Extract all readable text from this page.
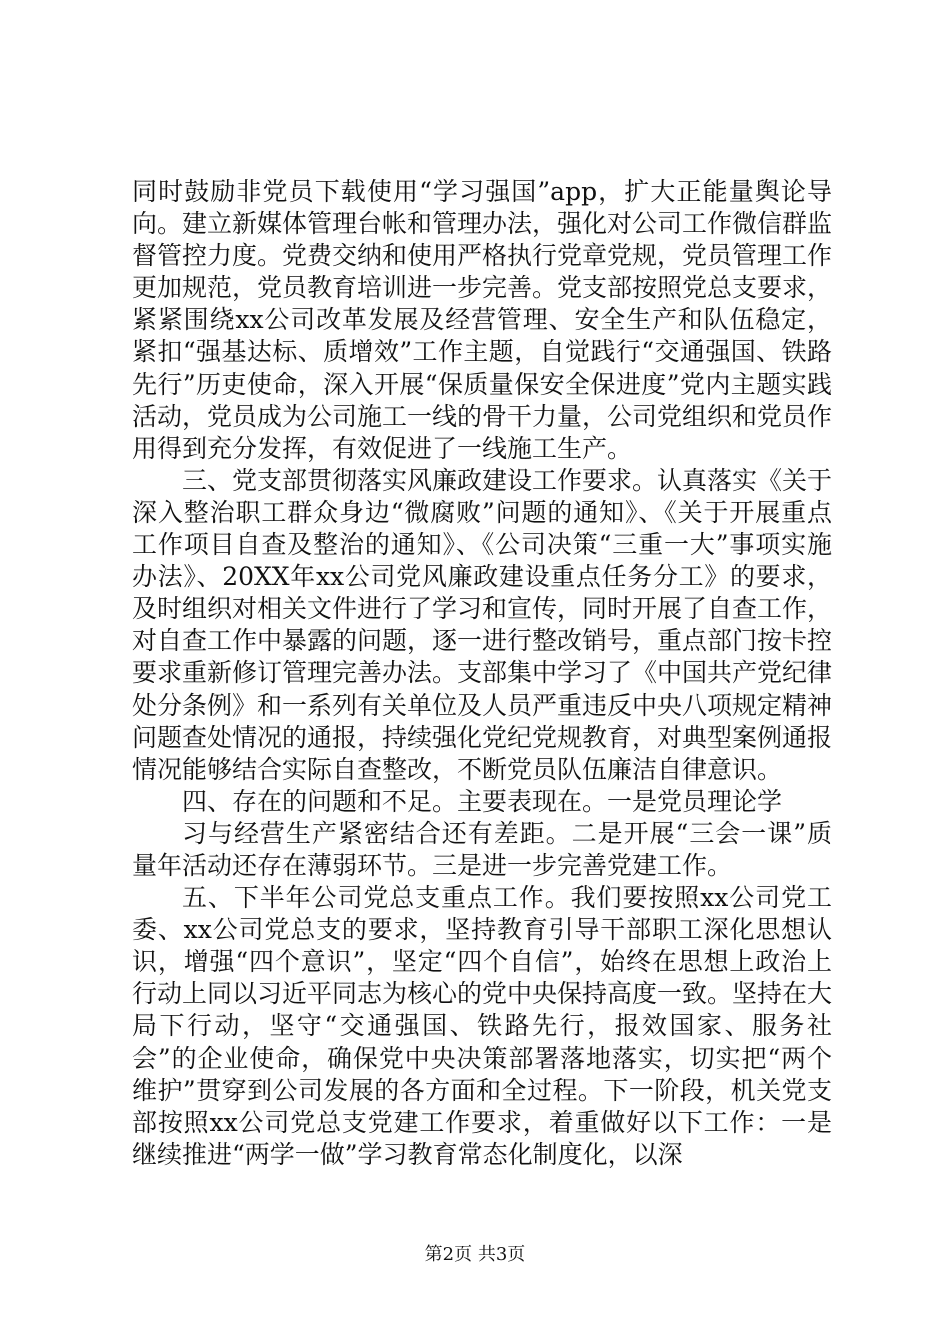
同时鼓励非党员下载使用“学习强国”app，扩大正能量舆论导向。建立新媒体管理台帐和管理办法，强化对公司工作微信群监督管控力度。党费交纳和使用严格执行党章党规，党员管理工作更加规范，党员教育培训进一步完善。党支部按照党总支要求，紧紧围绕xx公司改革发展及经营管理、安全生产和队伍稳定，紧扣“强基达标、质增效”工作主题，自觉践行“交通强国、铁路先行”历吏使命，深入开展“保质量保安全保进度”党内主题实践活动，党员成为公司施工一线的骨干力量，公司党组织和党员作用得到充分发挥，有效促进了一线施工生产。

三、党支部贯彻落实风廉政建设工作要求。认真落实《关于深入整治职工群众身边“微腐败”问题的通知》、《关于开展重点工作项目自查及整治的通知》、《公司决策“三重一大”事项实施办法》、20XX年xx公司党风廉政建设重点任务分工》的要求，及时组织对相关文件进行了学习和宣传，同时开展了自查工作，对自查工作中暴露的问题，逐一进行整改销号，重点部门按卡控要求重新修订管理完善办法。支部集中学习了《中国共产党纪律处分条例》和一系列有关单位及人员严重违反中央八项规定精神问题查处情况的通报，持续强化党纪党规教育，对典型案例通报情况能够结合实际自查整改，不断党员队伍廉洁自律意识。

四、存在的问题和不足。主要表现在。一是党员理论学

习与经营生产紧密结合还有差距。二是开展“三会一课”质量年活动还存在薄弱环节。三是进一步完善党建工作。

五、下半年公司党总支重点工作。我们要按照xx公司党工委、xx公司党总支的要求，坚持教育引导干部职工深化思想认识，增强“四个意识”，坚定“四个自信”，始终在思想上政治上行动上同以习近平同志为核心的党中央保持高度一致。坚持在大局下行动，坚守“交通强国、铁路先行，报效国家、服务社会”的企业使命，确保党中央决策部署落地落实，切实把“两个维护”贯穿到公司发展的各方面和全过程。下一阶段，机关党支部按照xx公司党总支党建工作要求，着重做好以下工作：一是继续推进“两学一做”学习教育常态化制度化，以深

第2页 共3页
